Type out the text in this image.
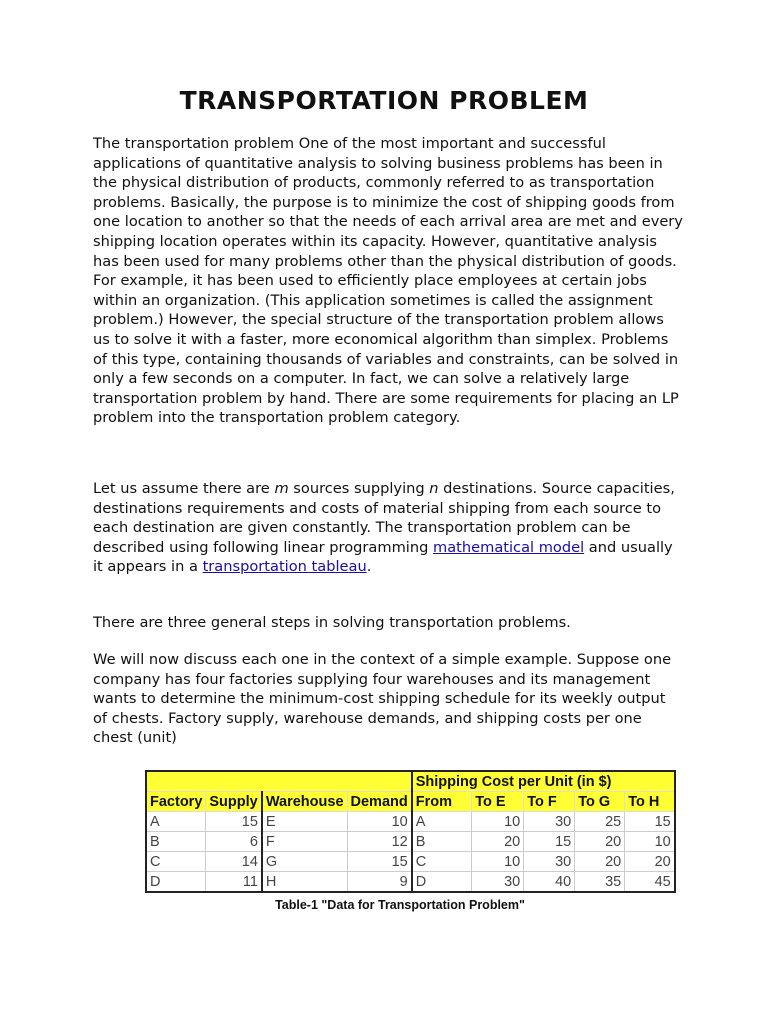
TRANSPORTATION PROBLEM

The transportation problem One of the most important and successful applications of quantitative analysis to solving business problems has been in the physical distribution of products, commonly referred to as transportation problems. Basically, the purpose is to minimize the cost of shipping goods from one location to another so that the needs of each arrival area are met and every shipping location operates within its capacity. However, quantitative analysis has been used for many problems other than the physical distribution of goods. For example, it has been used to efficiently place employees at certain jobs within an organization. (This application sometimes is called the assignment problem.) However, the special structure of the transportation problem allows us to solve it with a faster, more economical algorithm than simplex. Problems of this type, containing thousands of variables and constraints, can be solved in only a few seconds on a computer. In fact, we can solve a relatively large transportation problem by hand. There are some requirements for placing an LP problem into the transportation problem category.

Let us assume there are m sources supplying n destinations. Source capacities, destinations requirements and costs of material shipping from each source to each destination are given constantly. The transportation problem can be described using following linear programming mathematical model and usually it appears in a transportation tableau.

There are three general steps in solving transportation problems.

We will now discuss each one in the context of a simple example. Suppose one company has four factories supplying four warehouses and its management wants to determine the minimum-cost shipping schedule for its weekly output of chests. Factory supply, warehouse demands, and shipping costs per one chest (unit)

				Shipping Cost per Unit (in $)				
Factory	Supply	Warehouse	Demand	From	To E	To F	To G	To H
A	15	E	10	A	10	30	25	15
B	6	F	12	B	20	15	20	10
C	14	G	15	C	10	30	20	20
D	11	H	9	D	30	40	35	45
Table-1 "Data for Transportation Problem"
